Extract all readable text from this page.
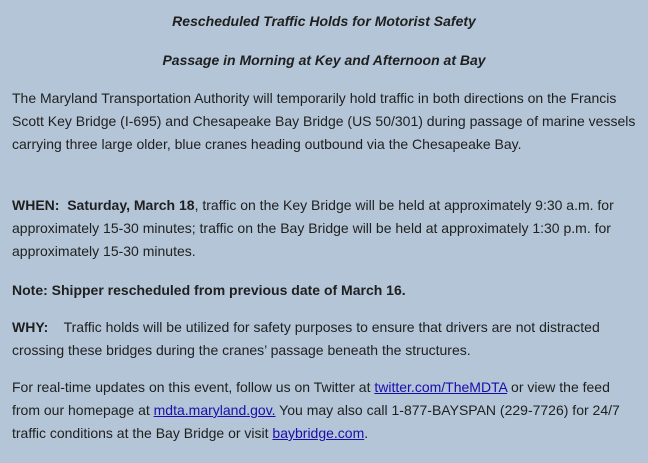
Rescheduled Traffic Holds for Motorist Safety

Passage in Morning at Key and Afternoon at Bay

The Maryland Transportation Authority will temporarily hold traffic in both directions on the Francis Scott Key Bridge (I-695) and Chesapeake Bay Bridge (US 50/301) during passage of marine vessels carrying three large older, blue cranes heading outbound via the Chesapeake Bay.

WHEN: Saturday, March 18, traffic on the Key Bridge will be held at approximately 9:30 a.m. for approximately 15-30 minutes; traffic on the Bay Bridge will be held at approximately 1:30 p.m. for approximately 15-30 minutes.

Note: Shipper rescheduled from previous date of March 16.

WHY: Traffic holds will be utilized for safety purposes to ensure that drivers are not distracted crossing these bridges during the cranes’ passage beneath the structures.

For real-time updates on this event, follow us on Twitter at twitter.com/TheMDTA or view the feed from our homepage at mdta.maryland.gov. You may also call 1-877-BAYSPAN (229-7726) for 24/7 traffic conditions at the Bay Bridge or visit baybridge.com.
